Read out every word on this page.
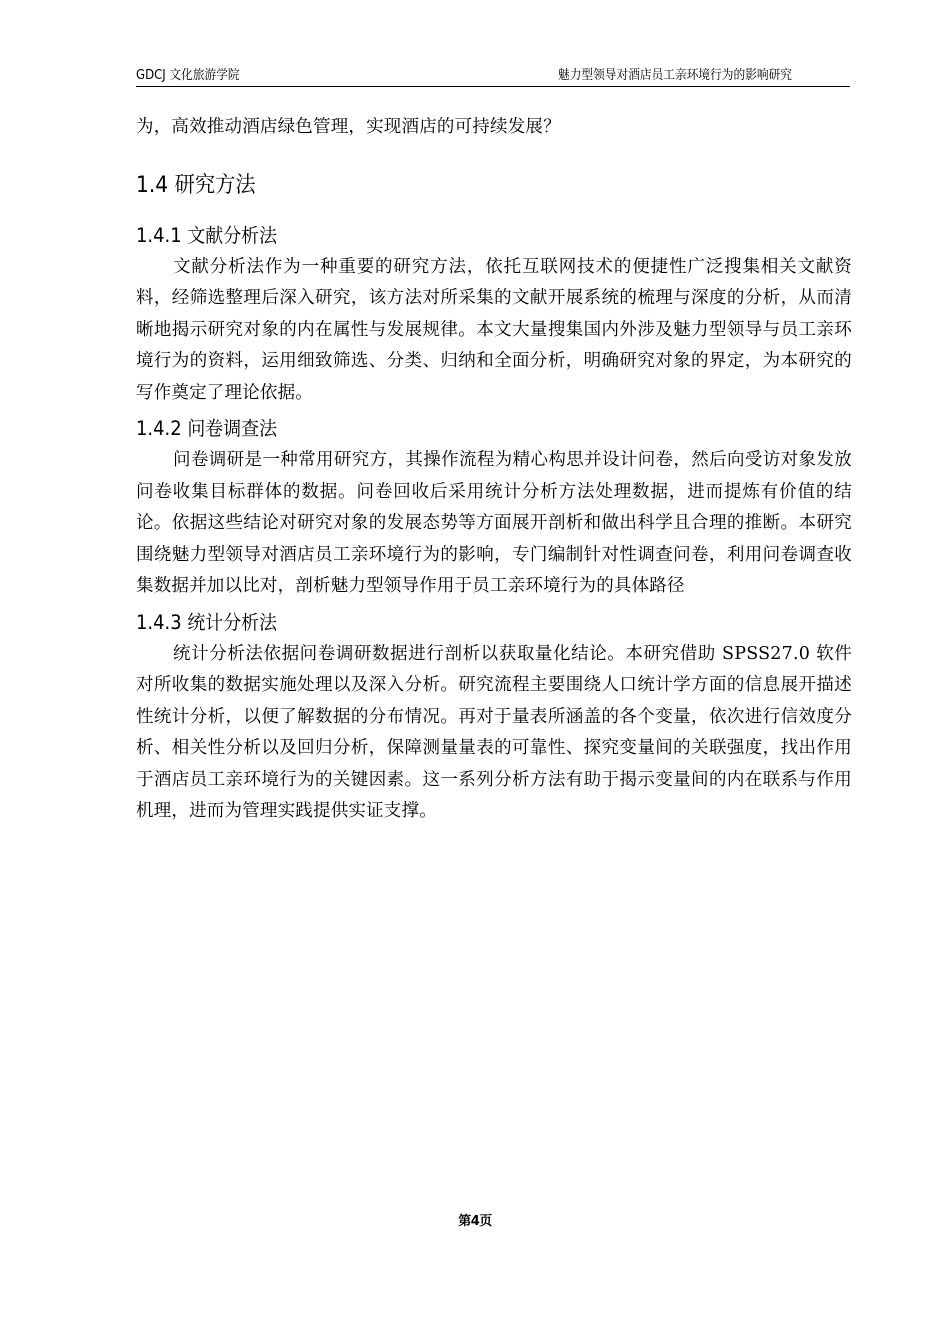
GDCJ 文化旅游学院	魅力型领导对酒店员工亲环境行为的影响研究

为，高效推动酒店绿色管理，实现酒店的可持续发展？

1.4 研究方法
1.4.1 文献分析法

文献分析法作为一种重要的研究方法，依托互联网技术的便捷性广泛搜集相关文献资料，经筛选整理后深入研究，该方法对所采集的文献开展系统的梳理与深度的分析，从而清晰地揭示研究对象的内在属性与发展规律。本文大量搜集国内外涉及魅力型领导与员工亲环境行为的资料，运用细致筛选、分类、归纳和全面分析，明确研究对象的界定，为本研究的写作奠定了理论依据。

1.4.2 问卷调查法

问卷调研是一种常用研究方，其操作流程为精心构思并设计问卷，然后向受访对象发放问卷收集目标群体的数据。问卷回收后采用统计分析方法处理数据，进而提炼有价值的结论。依据这些结论对研究对象的发展态势等方面展开剖析和做出科学且合理的推断。本研究围绕魅力型领导对酒店员工亲环境行为的影响，专门编制针对性调查问卷，利用问卷调查收集数据并加以比对，剖析魅力型领导作用于员工亲环境行为的具体路径

1.4.3 统计分析法

统计分析法依据问卷调研数据进行剖析以获取量化结论。本研究借助 SPSS27.0 软件对所收集的数据实施处理以及深入分析。研究流程主要围绕人口统计学方面的信息展开描述性统计分析，以便了解数据的分布情况。再对于量表所涵盖的各个变量，依次进行信效度分析、相关性分析以及回归分析，保障测量量表的可靠性、探究变量间的关联强度，找出作用于酒店员工亲环境行为的关键因素。这一系列分析方法有助于揭示变量间的内在联系与作用机理，进而为管理实践提供实证支撑。

第4页
